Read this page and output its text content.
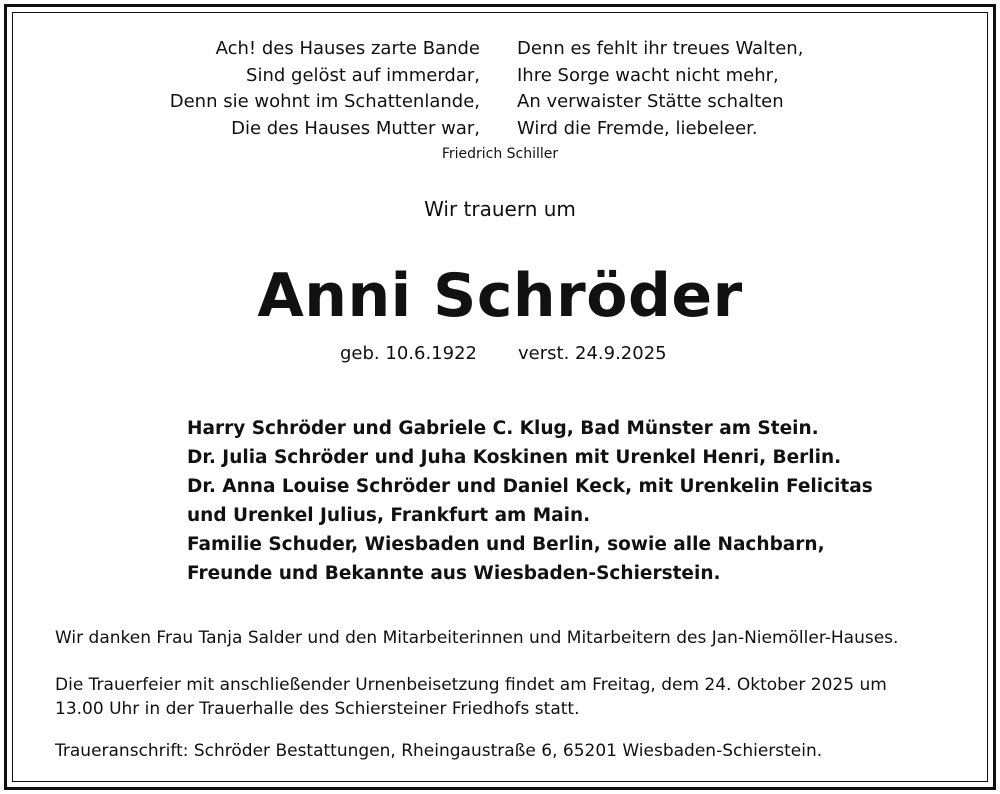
Ach! des Hauses zarte Bande
Sind gelöst auf immerdar,
Denn sie wohnt im Schattenlande,
Die des Hauses Mutter war,
Denn es fehlt ihr treues Walten,
Ihre Sorge wacht nicht mehr,
An verwaister Stätte schalten
Wird die Fremde, liebeleer.
Friedrich Schiller
Wir trauern um
Anni Schröder
geb. 10.6.1922 verst. 24.9.2025
Harry Schröder und Gabriele C. Klug, Bad Münster am Stein.
Dr. Julia Schröder und Juha Koskinen mit Urenkel Henri, Berlin.
Dr. Anna Louise Schröder und Daniel Keck, mit Urenkelin Felicitas
und Urenkel Julius, Frankfurt am Main.
Familie Schuder, Wiesbaden und Berlin, sowie alle Nachbarn,
Freunde und Bekannte aus Wiesbaden-Schierstein.
Wir danken Frau Tanja Salder und den Mitarbeiterinnen und Mitarbeitern des Jan-Niemöller-Hauses.
Die Trauerfeier mit anschließender Urnenbeisetzung findet am Freitag, dem 24. Oktober 2025 um
13.00 Uhr in der Trauerhalle des Schiersteiner Friedhofs statt.
Traueranschrift: Schröder Bestattungen, Rheingaustraße 6, 65201 Wiesbaden-Schierstein.
